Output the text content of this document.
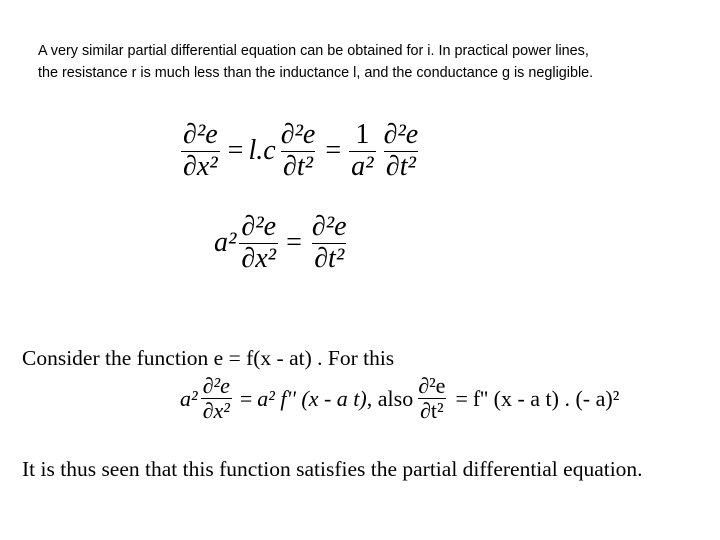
A very similar partial differential equation can be obtained for i. In practical power lines,

the resistance r is much less than the inductance l, and the conductance g is negligible.

$\frac{\text{∂²e}}{\text{∂x²}} = l.c \frac{\text{∂²e}}{\text{∂t²}} = \frac{1}{\text{a²}} \frac{\text{∂²e}}{\text{∂t²}}$
$a^2 \frac{\text{∂²e}}{\text{∂x²}} = \frac{\text{∂²e}}{\text{∂t²}}$
Consider the function e = f(x - at) . For this
$a^2 \frac{\text{∂²e}}{\text{∂x²}} = a^2$ f'' (x - a t) , also $\frac{\text{∂²e}}{\text{∂t²}} = f''$ (x - a t) . (- a)²
It is thus seen that this function satisfies the partial differential equation.
